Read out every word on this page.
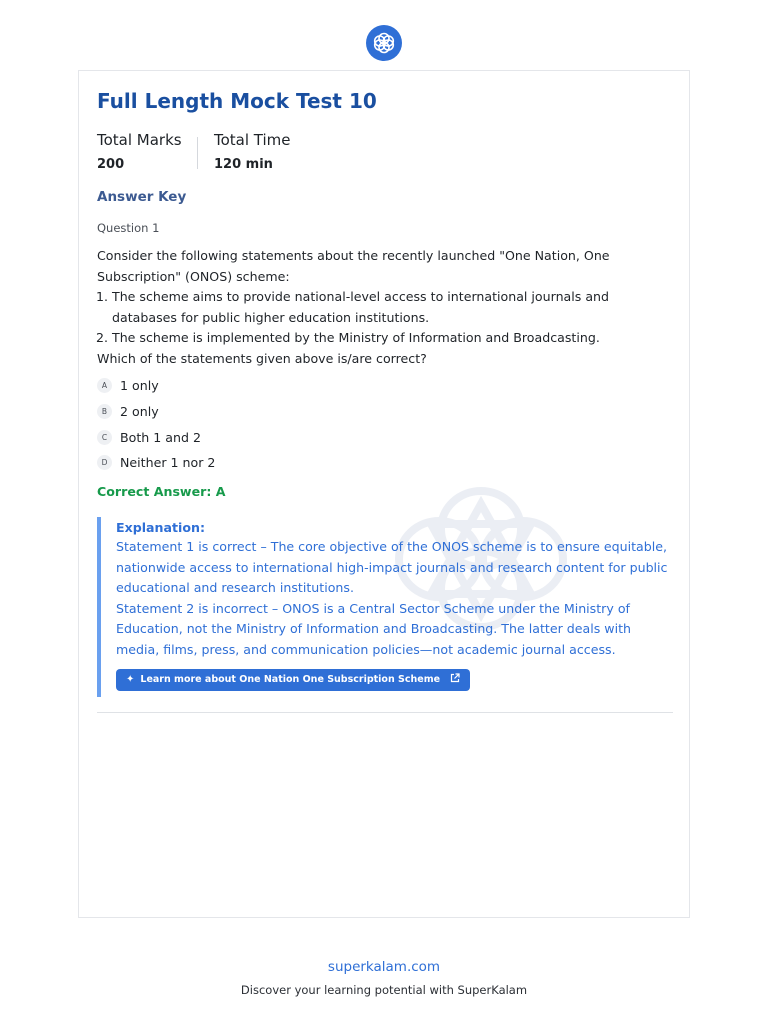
Full Length Mock Test 10
Total Marks
200
Total Time
120 min
Answer Key
Question 1
Consider the following statements about the recently launched "One Nation, One Subscription" (ONOS) scheme:
1. The scheme aims to provide national-level access to international journals and databases for public higher education institutions.
2. The scheme is implemented by the Ministry of Information and Broadcasting.
Which of the statements given above is/are correct?
A	1 only
B	2 only
C	Both 1 and 2
D	Neither 1 nor 2
Correct Answer: A
Explanation:

Statement 1 is correct – The core objective of the ONOS scheme is to ensure equitable, nationwide access to international high-impact journals and research content for public educational and research institutions.

Statement 2 is incorrect – ONOS is a Central Sector Scheme under the Ministry of Education, not the Ministry of Information and Broadcasting. The latter deals with media, films, press, and communication policies—not academic journal access.

✦ Learn more about One Nation One Subscription Scheme
superkalam.com
Discover your learning potential with SuperKalam
